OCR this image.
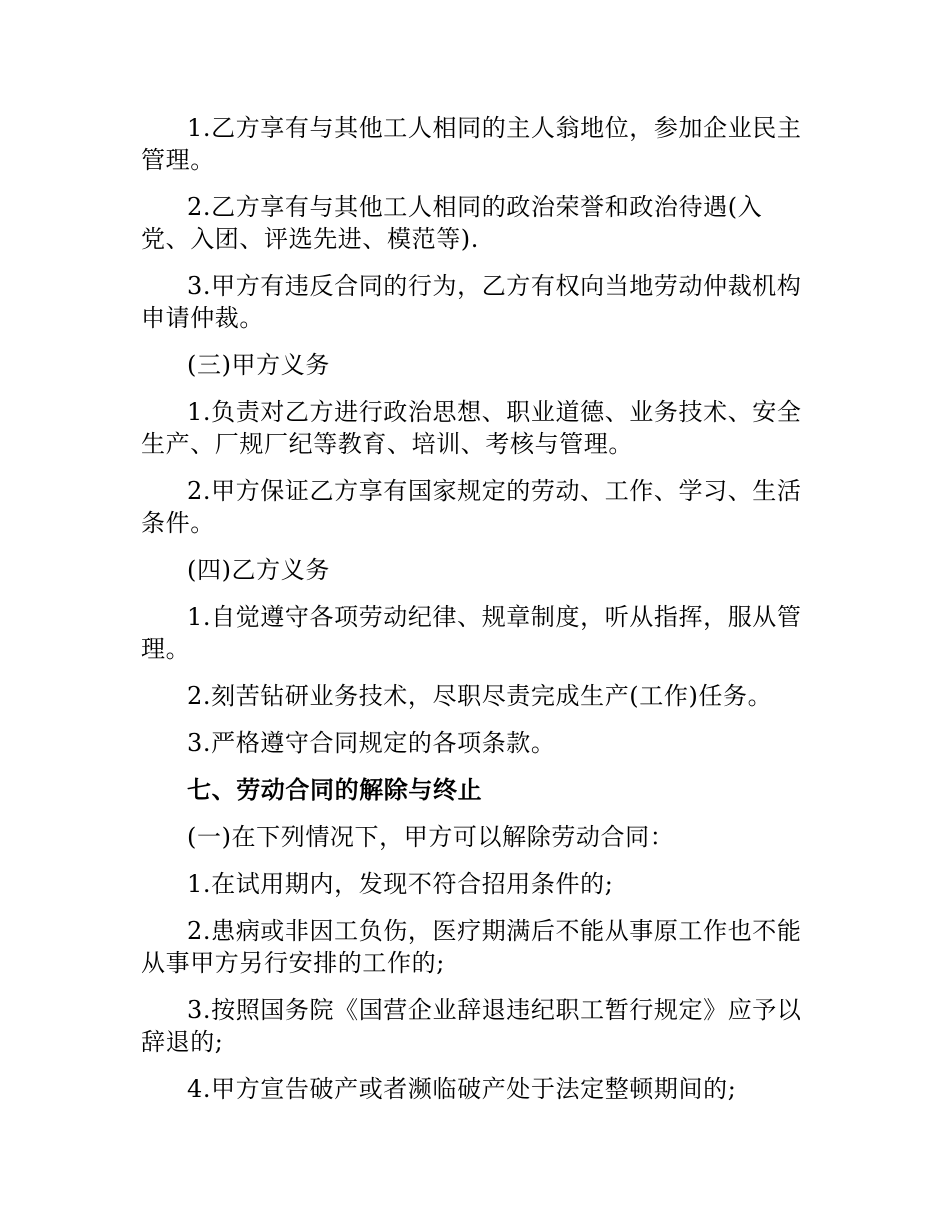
1.乙方享有与其他工人相同的主人翁地位，参加企业民主管理。

2.乙方享有与其他工人相同的政治荣誉和政治待遇(入党、入团、评选先进、模范等).

3.甲方有违反合同的行为，乙方有权向当地劳动仲裁机构申请仲裁。

(三)甲方义务

1.负责对乙方进行政治思想、职业道德、业务技术、安全生产、厂规厂纪等教育、培训、考核与管理。

2.甲方保证乙方享有国家规定的劳动、工作、学习、生活条件。

(四)乙方义务

1.自觉遵守各项劳动纪律、规章制度，听从指挥，服从管理。

2.刻苦钻研业务技术，尽职尽责完成生产(工作)任务。

3.严格遵守合同规定的各项条款。

七、劳动合同的解除与终止

(一)在下列情况下，甲方可以解除劳动合同：

1.在试用期内，发现不符合招用条件的;

2.患病或非因工负伤，医疗期满后不能从事原工作也不能从事甲方另行安排的工作的;

3.按照国务院《国营企业辞退违纪职工暂行规定》应予以辞退的;

4.甲方宣告破产或者濒临破产处于法定整顿期间的;
